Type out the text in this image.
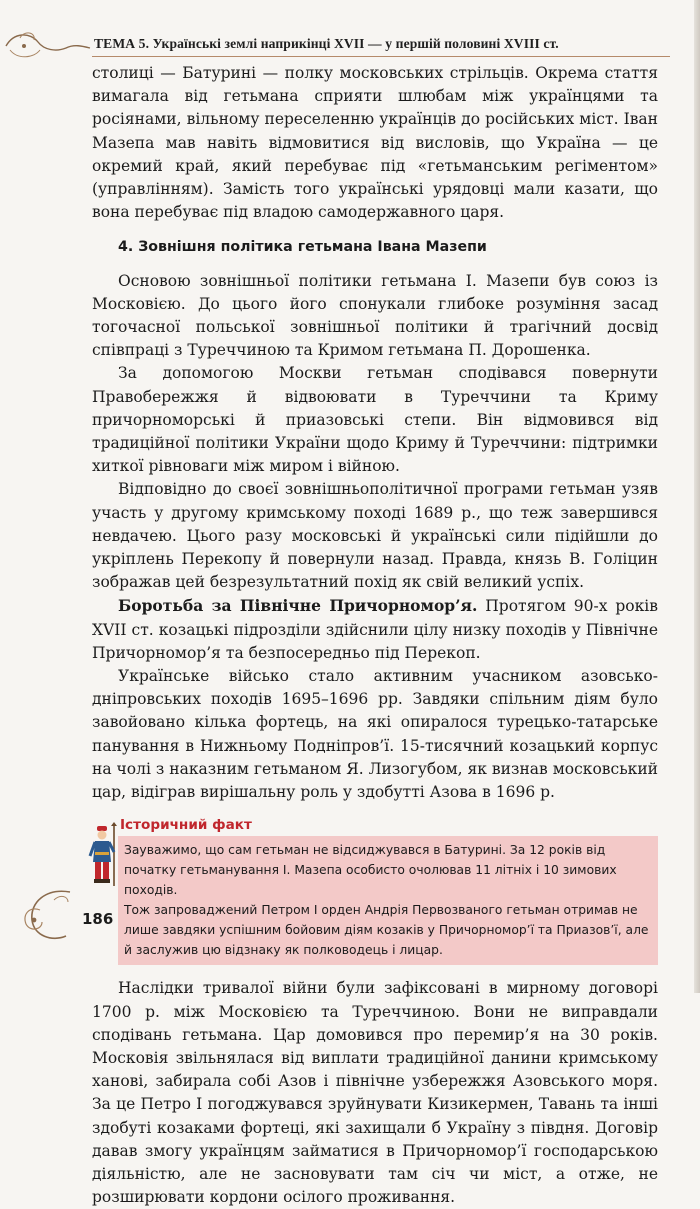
ТЕМА 5. Українські землі наприкінці XVII — у першій половині XVIII ст.

столиці — Батурині — полку московських стрільців. Окрема стаття вимагала від гетьмана сприяти шлюбам між українцями та росіянами, вільному переселенню українців до російських міст. Іван Мазепа мав навіть відмовитися від висловів, що Україна — це окремий край, який перебуває під «гетьманським регіментом» (управлінням). Замість того українські урядовці мали казати, що вона перебуває під владою самодержавного царя.

4. Зовнішня політика гетьмана Івана Мазепи

Основою зовнішньої політики гетьмана І. Мазепи був союз із Московією. До цього його спонукали глибоке розуміння засад тогочасної польської зовнішньої політики й трагічний досвід співпраці з Туреччиною та Кримом гетьмана П. Дорошенка.

За допомогою Москви гетьман сподівався повернути Правобережжя й відвоювати в Туреччини та Криму причорноморські й приазовські степи. Він відмовився від традиційної політики України щодо Криму й Туреччини: підтримки хиткої рівноваги між миром і війною.

Відповідно до своєї зовнішньополітичної програми гетьман узяв участь у другому кримському поході 1689 р., що теж завершився невдачею. Цього разу московські й українські сили підійшли до укріплень Перекопу й повернули назад. Правда, князь В. Голіцин зображав цей безрезультатний похід як свій великий успіх.

Боротьба за Північне Причорномор’я. Протягом 90-х років XVII ст. козацькі підрозділи здійснили цілу низку походів у Північне Причорномор’я та безпосередньо під Перекоп.

Українське військо стало активним учасником азовсько-дніпровських походів 1695–1696 рр. Завдяки спільним діям було завойовано кілька фортець, на які опиралося турецько-татарське панування в Нижньому Подніпров’ї. 15-тисячний козацький корпус на чолі з наказним гетьманом Я. Лизогубом, як визнав московський цар, відіграв вирішальну роль у здобутті Азова в 1696 р.

Історичний факт

Зауважимо, що сам гетьман не відсиджувався в Батурині. За 12 років від початку гетьманування І. Мазепа особисто очолював 11 літніх і 10 зимових походів.

Тож запроваджений Петром І орден Андрія Первозваного гетьман отримав не лише завдяки успішним бойовим діям козаків у Причорномор’ї та Приазов’ї, але й заслужив цю відзнаку як полководець і лицар.

Наслідки тривалої війни були зафіксовані в мирному договорі 1700 р. між Московією та Туреччиною. Вони не виправдали сподівань гетьмана. Цар домовився про перемир’я на 30 років. Московія звільнялася від виплати традиційної данини кримському ханові, забирала собі Азов і північне узбережжя Азовського моря. За це Петро І погоджувався зруйнувати Кизикермен, Тавань та інші здобуті козаками фортеці, які захищали б Україну з півдня. Договір давав змогу українцям займатися в Причорномор’ї господарською діяльністю, але не засновувати там січ чи міст, а отже, не розширювати кордони осілого проживання.

186
